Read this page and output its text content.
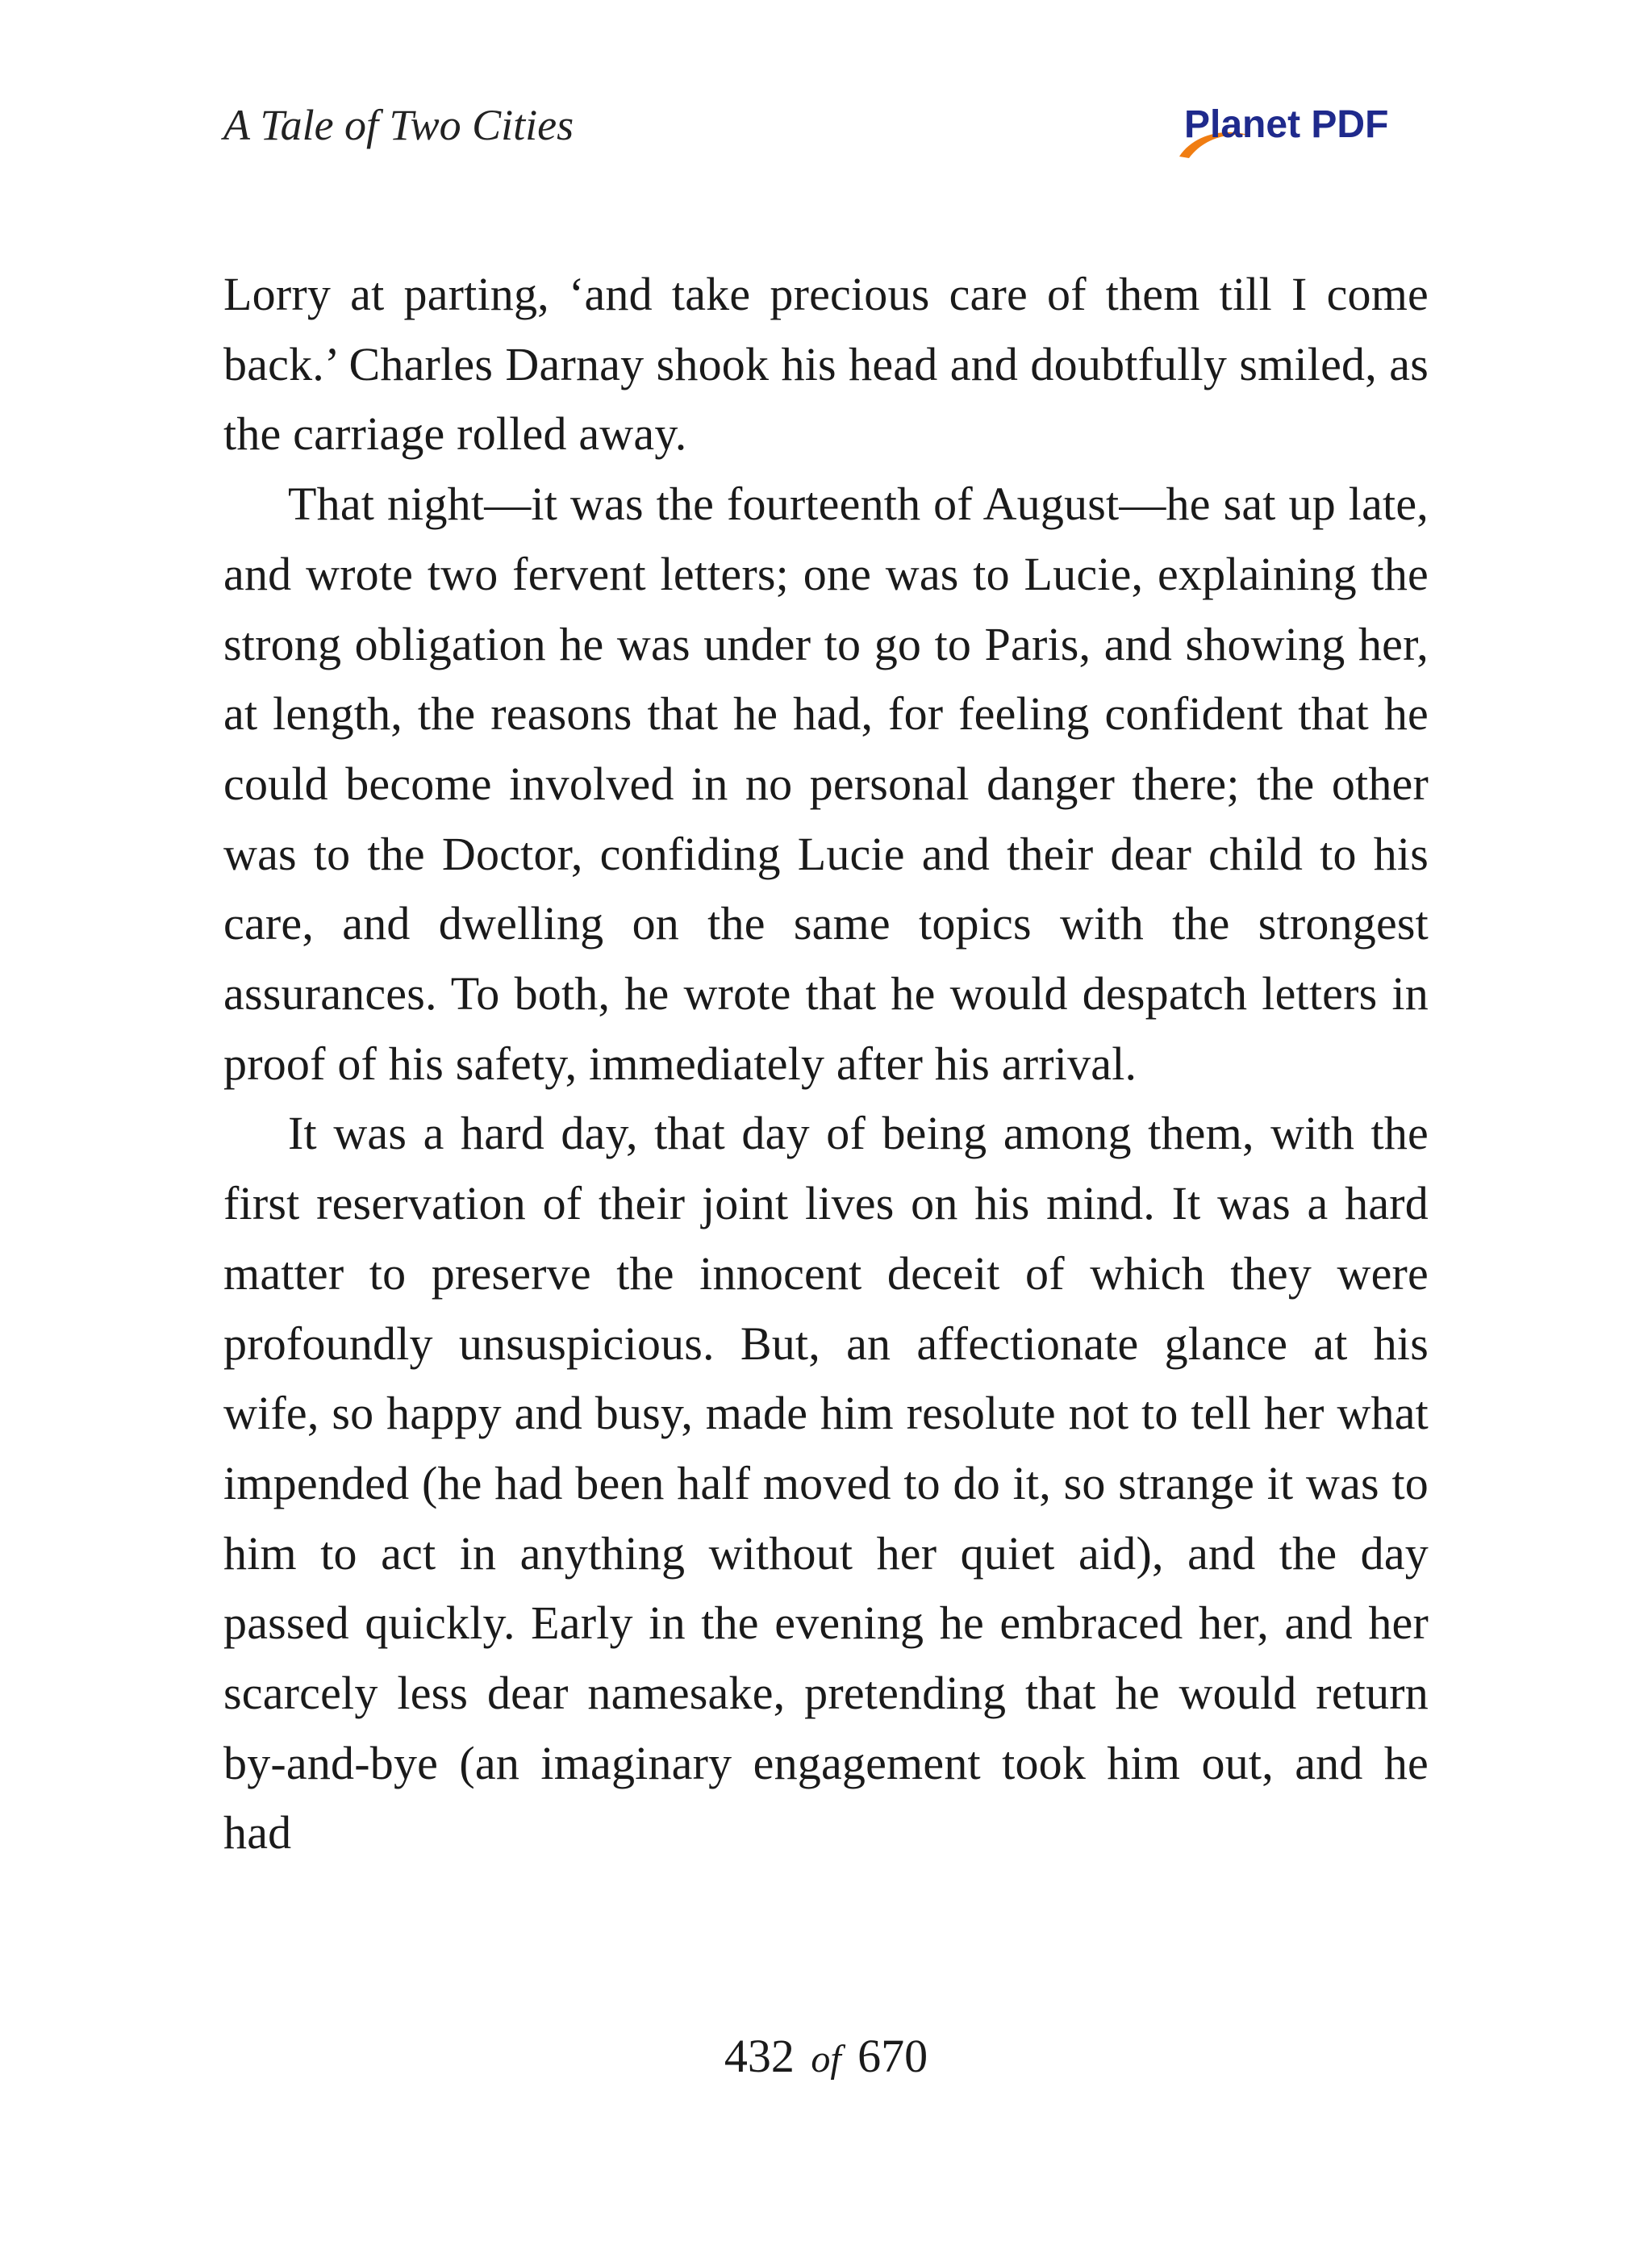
A Tale of Two Cities	Planet PDF

Lorry at parting, ‘and take precious care of them till I come back.’ Charles Darnay shook his head and doubtfully smiled, as the carriage rolled away.

That night—it was the fourteenth of August—he sat up late, and wrote two fervent letters; one was to Lucie, explaining the strong obligation he was under to go to Paris, and showing her, at length, the reasons that he had, for feeling confident that he could become involved in no personal danger there; the other was to the Doctor, confiding Lucie and their dear child to his care, and dwelling on the same topics with the strongest assurances. To both, he wrote that he would despatch letters in proof of his safety, immediately after his arrival.

It was a hard day, that day of being among them, with the first reservation of their joint lives on his mind. It was a hard matter to preserve the innocent deceit of which they were profoundly unsuspicious. But, an affectionate glance at his wife, so happy and busy, made him resolute not to tell her what impended (he had been half moved to do it, so strange it was to him to act in anything without her quiet aid), and the day passed quickly. Early in the evening he embraced her, and her scarcely less dear namesake, pretending that he would return by-and-bye (an imaginary engagement took him out, and he had

432 of 670
